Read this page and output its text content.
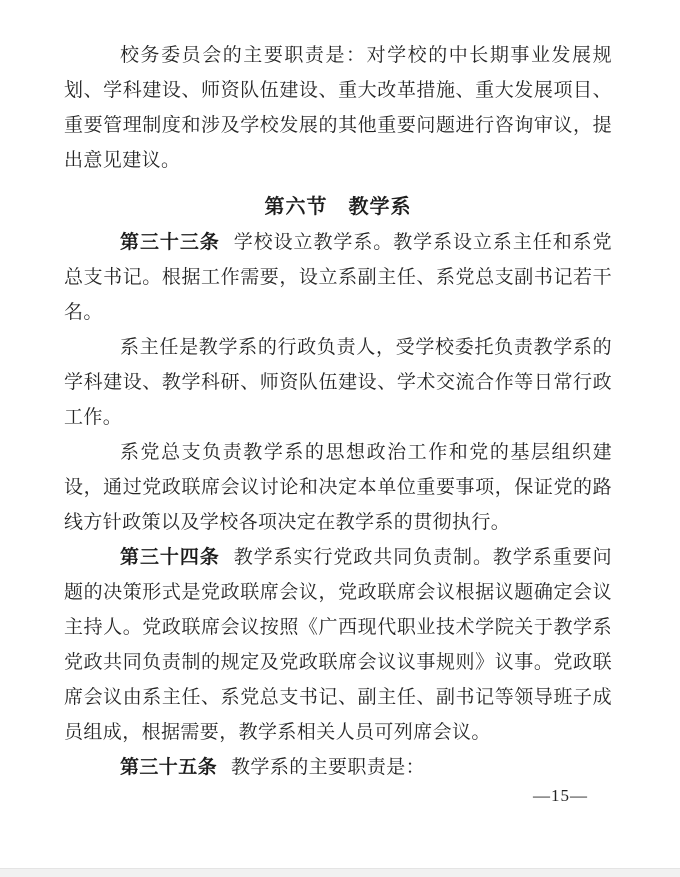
校务委员会的主要职责是：对学校的中长期事业发展规划、学科建设、师资队伍建设、重大改革措施、重大发展项目、重要管理制度和涉及学校发展的其他重要问题进行咨询审议，提出意见建议。

第六节　教学系

第三十三条 学校设立教学系。教学系设立系主任和系党总支书记。根据工作需要，设立系副主任、系党总支副书记若干名。

系主任是教学系的行政负责人，受学校委托负责教学系的学科建设、教学科研、师资队伍建设、学术交流合作等日常行政工作。

系党总支负责教学系的思想政治工作和党的基层组织建设，通过党政联席会议讨论和决定本单位重要事项，保证党的路线方针政策以及学校各项决定在教学系的贯彻执行。

第三十四条 教学系实行党政共同负责制。教学系重要问题的决策形式是党政联席会议，党政联席会议根据议题确定会议主持人。党政联席会议按照《广西现代职业技术学院关于教学系党政共同负责制的规定及党政联席会议议事规则》议事。党政联席会议由系主任、系党总支书记、副主任、副书记等领导班子成员组成，根据需要，教学系相关人员可列席会议。

第三十五条 教学系的主要职责是：

—15—
